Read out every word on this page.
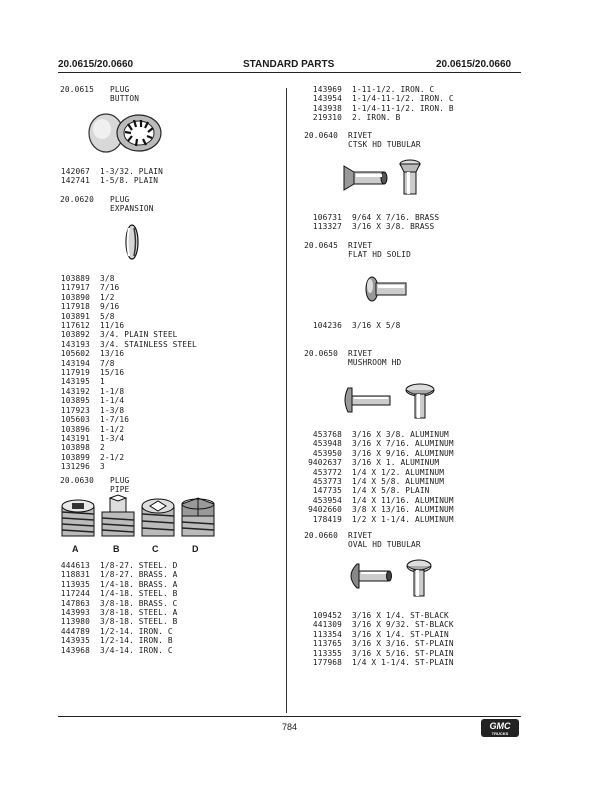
20.0615/20.0660	STANDARD PARTS	20.0615/20.0660
20.0615 PLUG
BUTTON
142067 1-3/32. PLAIN
142741 1-5/8. PLAIN
20.0620 PLUG
EXPANSION
103889 3/8
117917 7/16
103890 1/2
117918 9/16
103891 5/8
117612 11/16
103892 3/4. PLAIN STEEL
143193 3/4. STAINLESS STEEL
105602 13/16
143194 7/8
117919 15/16
143195 1
143192 1-1/8
103895 1-1/4
117923 1-3/8
105603 1-7/16
103896 1-1/2
143191 1-3/4
103898 2
103899 2-1/2
131296 3
20.0630 PLUG
PIPE
A	B	C	D
444613 1/8-27. STEEL. D
118831 1/8-27. BRASS. A
113935 1/4-18. BRASS. A
117244 1/4-18. STEEL. B
147863 3/8-18. BRASS. C
143993 3/8-18. STEEL. A
113980 3/8-18. STEEL. B
444789 1/2-14. IRON. C
143935 1/2-14. IRON. B
143968 3/4-14. IRON. C
143969 1-11-1/2. IRON. C
143954 1-1/4-11-1/2. IRON. C
143938 1-1/4-11-1/2. IRON. B
219310 2. IRON. B
20.0640 RIVET
CTSK HD TUBULAR
106731 9/64 X 7/16. BRASS
113327 3/16 X 3/8. BRASS
20.0645 RIVET
FLAT HD SOLID
104236 3/16 X 5/8
20.0650 RIVET
MUSHROOM HD
453768 3/16 X 3/8. ALUMINUM
453948 3/16 X 7/16. ALUMINUM
453950 3/16 X 9/16. ALUMINUM
9402637 3/16 X 1. ALUMINUM
453772 1/4 X 1/2. ALUMINUM
453773 1/4 X 5/8. ALUMINUM
147735 1/4 X 5/8. PLAIN
453954 1/4 X 11/16. ALUMINUM
9402660 3/8 X 13/16. ALUMINUM
178419 1/2 X 1-1/4. ALUMINUM
20.0660 RIVET
OVAL HD TUBULAR
109452 3/16 X 1/4. ST-BLACK
441309 3/16 X 9/32. ST-BLACK
113354 3/16 X 1/4. ST-PLAIN
113765 3/16 X 3/16. ST-PLAIN
113355 3/16 X 5/16. ST-PLAIN
177968 1/4 X 1-1/4. ST-PLAIN
784	GMC
TRUCKS
